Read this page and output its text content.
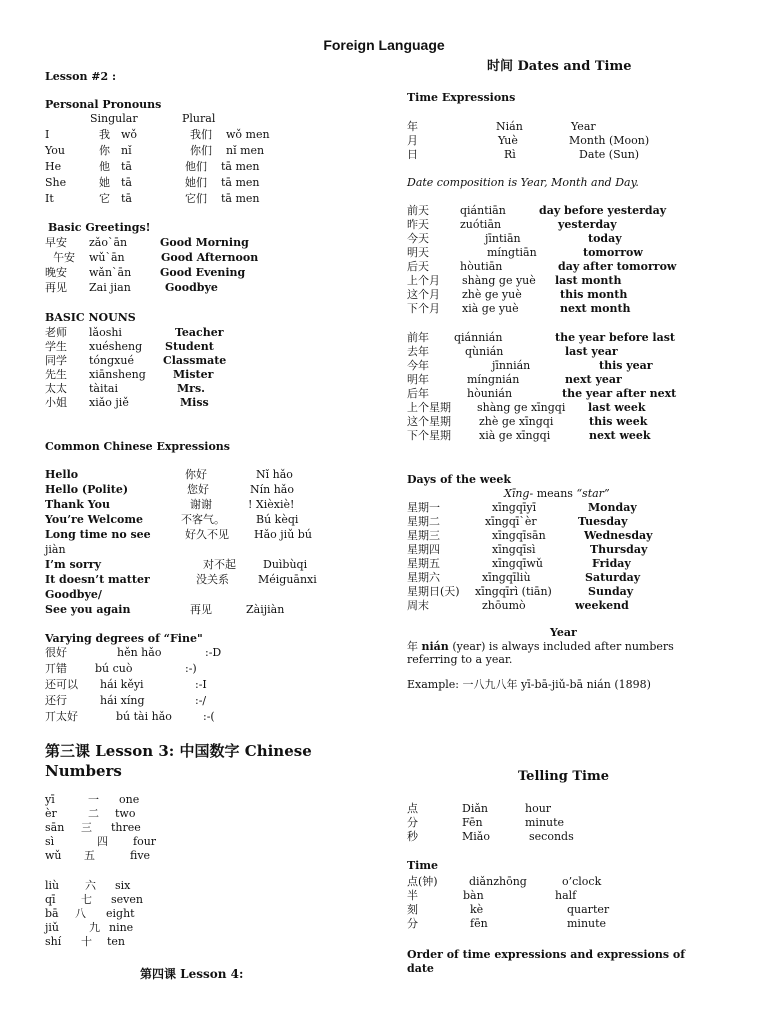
Foreign Language
Lesson #2 :
Personal Pronouns
Singular	Plural
I	我 wǒ	我们 wǒ men
You	你 nǐ	你们 nǐ men
He	他 tā	他们 tā men
She	她 tā	她们 tā men
It	它 tā	它们 tā men
Basic Greetings!
早安 zǎo`ān	Good Morning
午安 wǔ`ān	Good Afternoon
晚安 wǎn`ān	Good Evening
再见 Zai jian	Goodbye
BASIC NOUNS
老师 lǎoshi	Teacher
学生 xuésheng Student
同学 tóngxué	Classmate
先生 xiānsheng Mister
太太 tàitai	Mrs.
小姐 xiǎo jiě	Miss
Common Chinese Expressions
Hello	你好	Nǐ hǎo
Hello (Polite)	您好	Nín hǎo
Thank You	谢谢	! Xièxiè!
You’re Welcome	不客气。	Bú kèqi
Long time no see	好久不见 Hǎo jiǔ bú
jiàn
I’m sorry	对不起 Duìbùqi
It doesn’t matter	没关系	Méiguānxi
Goodbye/
See you again	再见	Zàijiàn
Varying degrees of “Fine"
很好	hěn hǎo	:-D
丌错	bú cuò	:-)
还可以 hái kěyi	:-I
还行	hái xíng	:-/
丌太好	bú tài hǎo	:-(
第三课 Lesson 3: 中国数字 Chinese
Numbers
yī	一 one
èr	二 two
sān 三 three
sì	四 four
wǔ 五	five
liù 六 six
qī 七 seven
bā 八 eight
jiǔ	九 nine
shí 十 ten
第四课 Lesson 4:
时间 Dates and Time
Time Expressions
年	Nián	Year
月	Yuè	Month (Moon)
日	Rì	Date (Sun)
Date composition is Year, Month and Day.
前天	qiántiān	day before yesterday
昨天	zuótiān	yesterday
今天	jīntiān	today
明天	míngtiān	tomorrow
后天	hòutiān	day after tomorrow
上个月 shàng ge yuè last month
这个月 zhè ge yuè	this month
下个月 xià ge yuè	next month
前年 qiánnián	the year before last
去年	qùnián	last year
今年	jīnnián	this year
明年	míngnián	next year
后年	hòunián	the year after next
上个星期 shàng ge xīngqi last week
这个星期	zhè ge xīngqi	this week
下个星期	xià ge xīngqi	next week
Days of the week
Xīng- means “star”
星期一	xīngqīyī	Monday
星期二	xīngqī`èr	Tuesday
星期三	xīngqīsān	Wednesday
星期四	xīngqīsì	Thursday
星期五	xīngqīwǔ	Friday
星期六	xīngqīliù	Saturday
星期日(天) xīngqīrì (tiān)	Sunday
周末	zhōumò	weekend
Year
年 nián (year) is always included after numbers
referring to a year.
Example: 一八九八年 yī-bā-jiǔ-bā nián (1898)
Telling Time
点	Diǎn	hour
分	Fēn	minute
秒	Miǎo	seconds
Time
点(钟)	diǎnzhōng	o’clock
半	bàn	half
刻	kè	quarter
分	fēn	minute
Order of time expressions and expressions of
date
